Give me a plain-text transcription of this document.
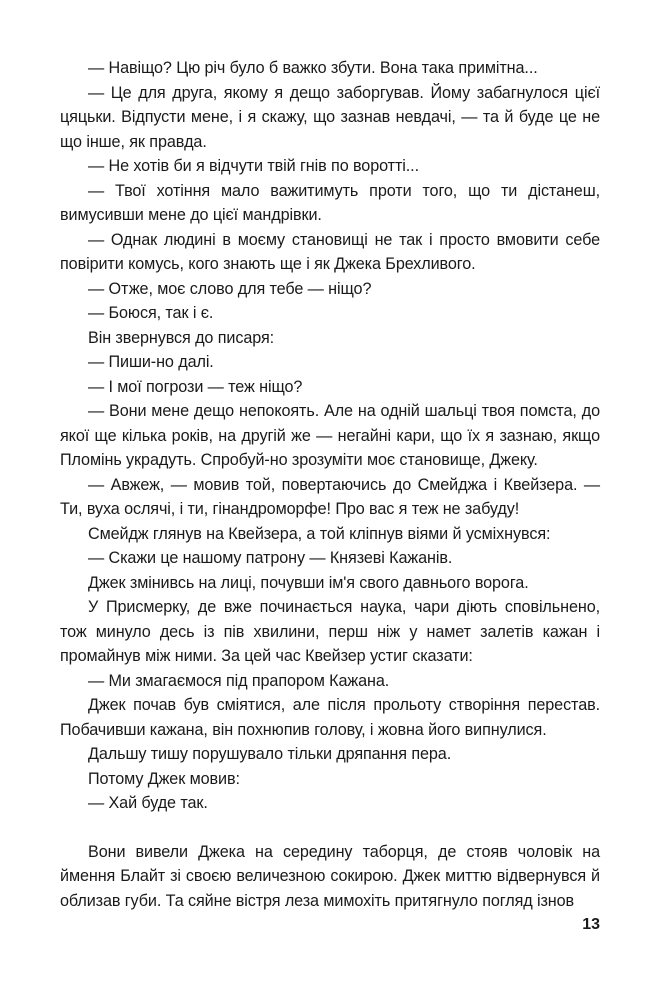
— Навіщо? Цю річ було б важко збути. Вона така примітна...

— Це для друга, якому я дещо заборгував. Йому забагнулося цієї цяцьки. Відпусти мене, і я скажу, що зазнав невдачі, — та й буде це не що інше, як правда.

— Не хотів би я відчути твій гнів по воротті...

— Твої хотіння мало важитимуть проти того, що ти дістанеш, вимусивши мене до цієї мандрівки.

— Однак людині в моєму становищі не так і просто вмовити себе повірити комусь, кого знають ще і як Джека Брехливого.

— Отже, моє слово для тебе — ніщо?

— Боюся, так і є.

Він звернувся до писаря:

— Пиши-но далі.

— І мої погрози — теж ніщо?

— Вони мене дещо непокоять. Але на одній шальці твоя помста, до якої ще кілька років, на другій же — негайні кари, що їх я зазнаю, якщо Пломінь украдуть. Спробуй-но зрозуміти моє становище, Джеку.

— Авжеж, — мовив той, повертаючись до Смейджа і Квейзера. — Ти, вуха ослячі, і ти, гінандроморфе! Про вас я теж не забуду!

Смейдж глянув на Квейзера, а той кліпнув віями й усміхнувся:

— Скажи це нашому патрону — Князеві Кажанів.

Джек змінивсь на лиці, почувши ім'я свого давнього ворога.

У Присмерку, де вже починається наука, чари діють сповільнено, тож минуло десь із пів хвилини, перш ніж у намет залетів кажан і промайнув між ними. За цей час Квейзер устиг сказати:

— Ми змагаємося під прапором Кажана.

Джек почав був сміятися, але після прольоту створіння перестав. Побачивши кажана, він похнюпив голову, і жовна його випнулися.

Дальшу тишу порушувало тільки дряпання пера.

Потому Джек мовив:

— Хай буде так.

Вони вивели Джека на середину таборця, де стояв чоловік на ймення Блайт зі своєю величезною сокирою. Джек миттю відвернувся й облизав губи. Та сяйне вістря леза мимохіть притягнуло погляд ізнов

13
